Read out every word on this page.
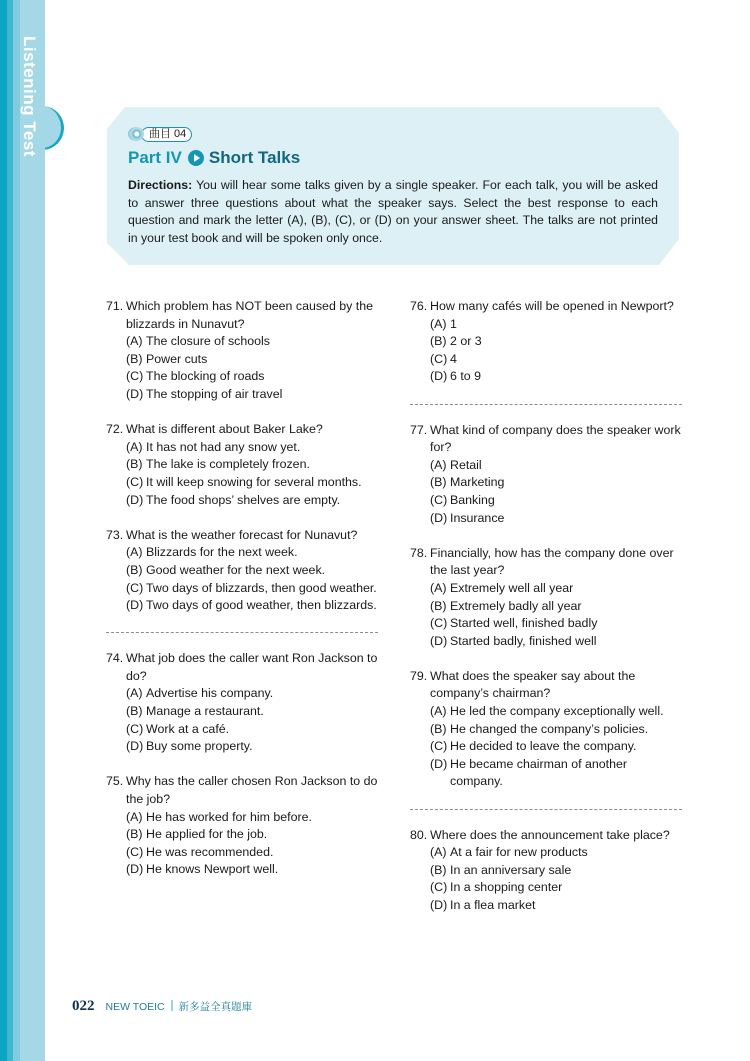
Listening Test	曲目 04
Part IV Short Talks
Directions: You will hear some talks given by a single speaker. For each talk, you will be asked to answer three questions about what the speaker says. Select the best response to each question and mark the letter (A), (B), (C), or (D) on your answer sheet. The talks are not printed in your test book and will be spoken only once.
71. Which problem has NOT been caused by the blizzards in Nunavut?
(A) The closure of schools
(B) Power cuts
(C) The blocking of roads
(D) The stopping of air travel
72. What is different about Baker Lake?
(A) It has not had any snow yet.
(B) The lake is completely frozen.
(C) It will keep snowing for several months.
(D) The food shops’ shelves are empty.
73. What is the weather forecast for Nunavut?
(A) Blizzards for the next week.
(B) Good weather for the next week.
(C) Two days of blizzards, then good weather.
(D) Two days of good weather, then blizzards.
74. What job does the caller want Ron Jackson to do?
(A) Advertise his company.
(B) Manage a restaurant.
(C) Work at a café.
(D) Buy some property.
75. Why has the caller chosen Ron Jackson to do the job?
(A) He has worked for him before.
(B) He applied for the job.
(C) He was recommended.
(D) He knows Newport well.
76. How many cafés will be opened in Newport?
(A) 1
(B) 2 or 3
(C) 4
(D) 6 to 9
77. What kind of company does the speaker work for?
(A) Retail
(B) Marketing
(C) Banking
(D) Insurance
78. Financially, how has the company done over the last year?
(A) Extremely well all year
(B) Extremely badly all year
(C) Started well, finished badly
(D) Started badly, finished well
79. What does the speaker say about the company’s chairman?
(A) He led the company exceptionally well.
(B) He changed the company’s policies.
(C) He decided to leave the company.
(D) He became chairman of another company.
80. Where does the announcement take place?
(A) At a fair for new products
(B) In an anniversary sale
(C) In a shopping center
(D) In a flea market
022 NEW TOEIC 新多益全真題庫
